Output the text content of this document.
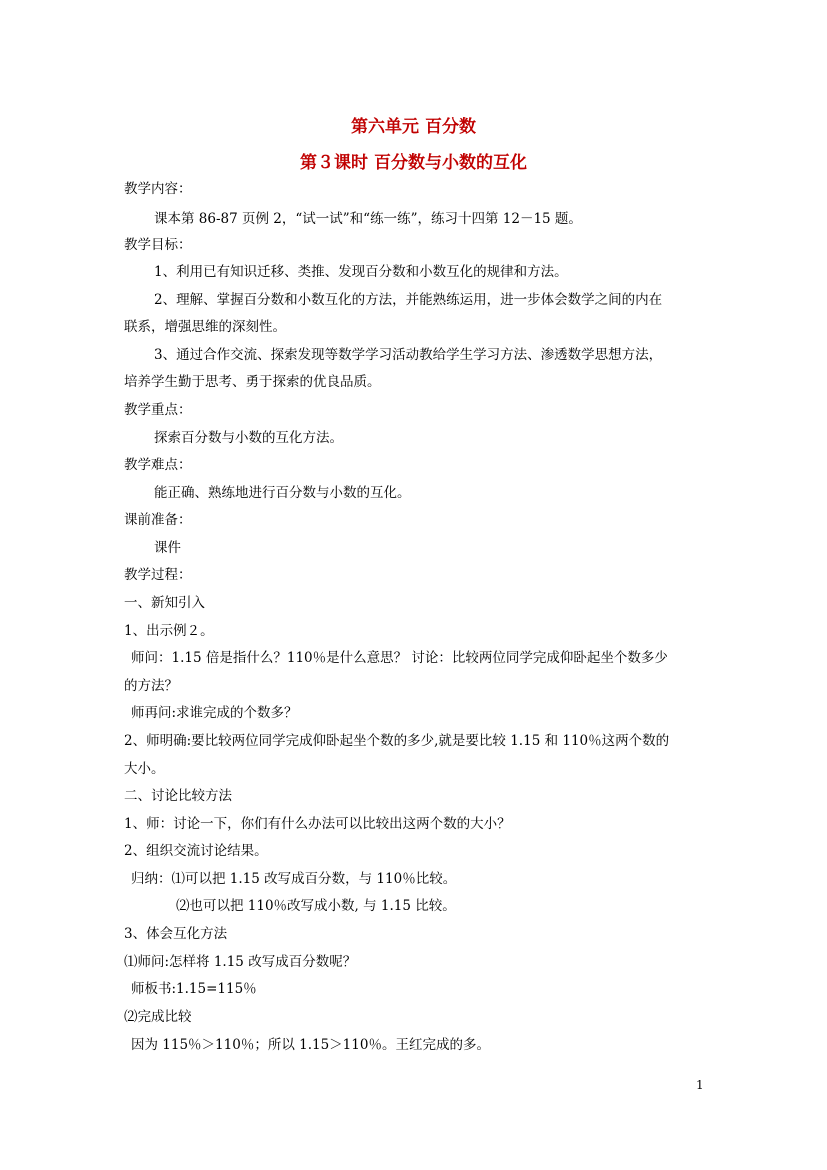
第六单元 百分数
第３课时 百分数与小数的互化
教学内容：
课本第 86-87 页例 2，“试一试”和“练一练”，练习十四第 12－15 题。
教学目标：
1、利用已有知识迁移、类推、发现百分数和小数互化的规律和方法。
2、理解、掌握百分数和小数互化的方法，并能熟练运用，进一步体会数学之间的内在
联系，增强思维的深刻性。
3、通过合作交流、探索发现等数学学习活动教给学生学习方法、渗透数学思想方法，
培养学生勤于思考、勇于探索的优良品质。
教学重点：
探索百分数与小数的互化方法。
教学难点：
能正确、熟练地进行百分数与小数的互化。
课前准备：
课件
教学过程：
一、新知引入
1、出示例２。
师问：1.15 倍是指什么？110％是什么意思？ 讨论：比较两位同学完成仰卧起坐个数多少
的方法？
师再问:求谁完成的个数多？
2、师明确:要比较两位同学完成仰卧起坐个数的多少,就是要比较 1.15 和 110％这两个数的
大小。
二、讨论比较方法
1、师：讨论一下，你们有什么办法可以比较出这两个数的大小？
2、组织交流讨论结果。
归纳：⑴可以把 1.15 改写成百分数，与 110％比较。
⑵也可以把 110％改写成小数, 与 1.15 比较。
3、体会互化方法
⑴师问:怎样将 1.15 改写成百分数呢？
师板书:1.15=115％
⑵完成比较
因为 115％＞110％；所以 1.15＞110％。王红完成的多。
1
